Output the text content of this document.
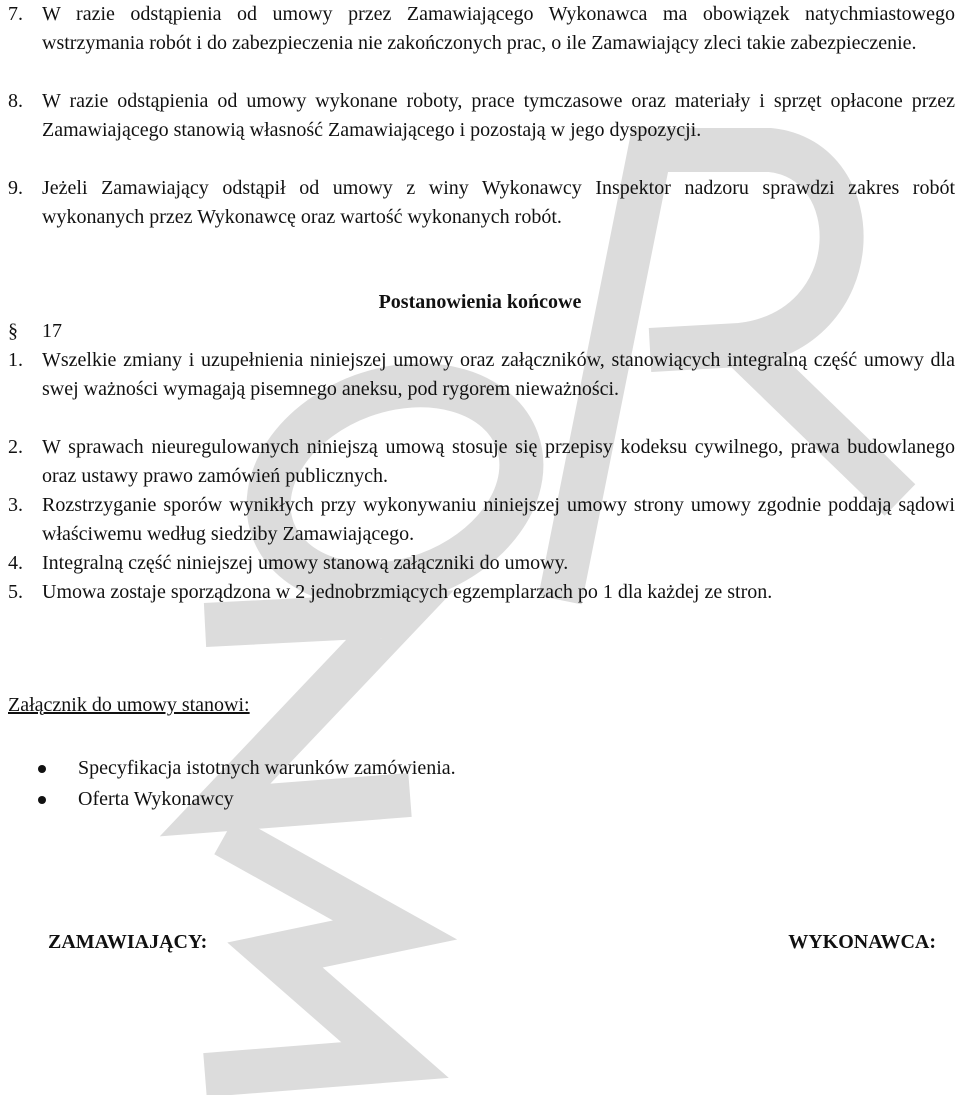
7. W razie odstąpienia od umowy przez Zamawiającego Wykonawca ma obowiązek natychmiastowego wstrzymania robót i do zabezpieczenia nie zakończonych prac, o ile Zamawiający zleci takie zabezpieczenie.
8. W razie odstąpienia od umowy wykonane roboty, prace tymczasowe oraz materiały i sprzęt opłacone przez Zamawiającego stanowią własność Zamawiającego i pozostają w jego dyspozycji.
9. Jeżeli Zamawiający odstąpił od umowy z winy Wykonawcy Inspektor nadzoru sprawdzi zakres robót wykonanych przez Wykonawcę oraz wartość wykonanych robót.
Postanowienia końcowe
§ 17
1. Wszelkie zmiany i uzupełnienia niniejszej umowy oraz załączników, stanowiących integralną część umowy dla swej ważności wymagają pisemnego aneksu, pod rygorem nieważności.
2. W sprawach nieuregulowanych niniejszą umową stosuje się przepisy kodeksu cywilnego, prawa budowlanego oraz ustawy prawo zamówień publicznych.
3. Rozstrzyganie sporów wynikłych przy wykonywaniu niniejszej umowy strony umowy zgodnie poddają sądowi właściwemu według siedziby Zamawiającego.
4. Integralną część niniejszej umowy stanową załączniki do umowy.
5. Umowa zostaje sporządzona w 2 jednobrzmiących egzemplarzach po 1 dla każdej ze stron.
Załącznik do umowy stanowi:
Specyfikacja istotnych warunków zamówienia.
Oferta Wykonawcy
ZAMAWIAJĄCY:	WYKONAWCA:
